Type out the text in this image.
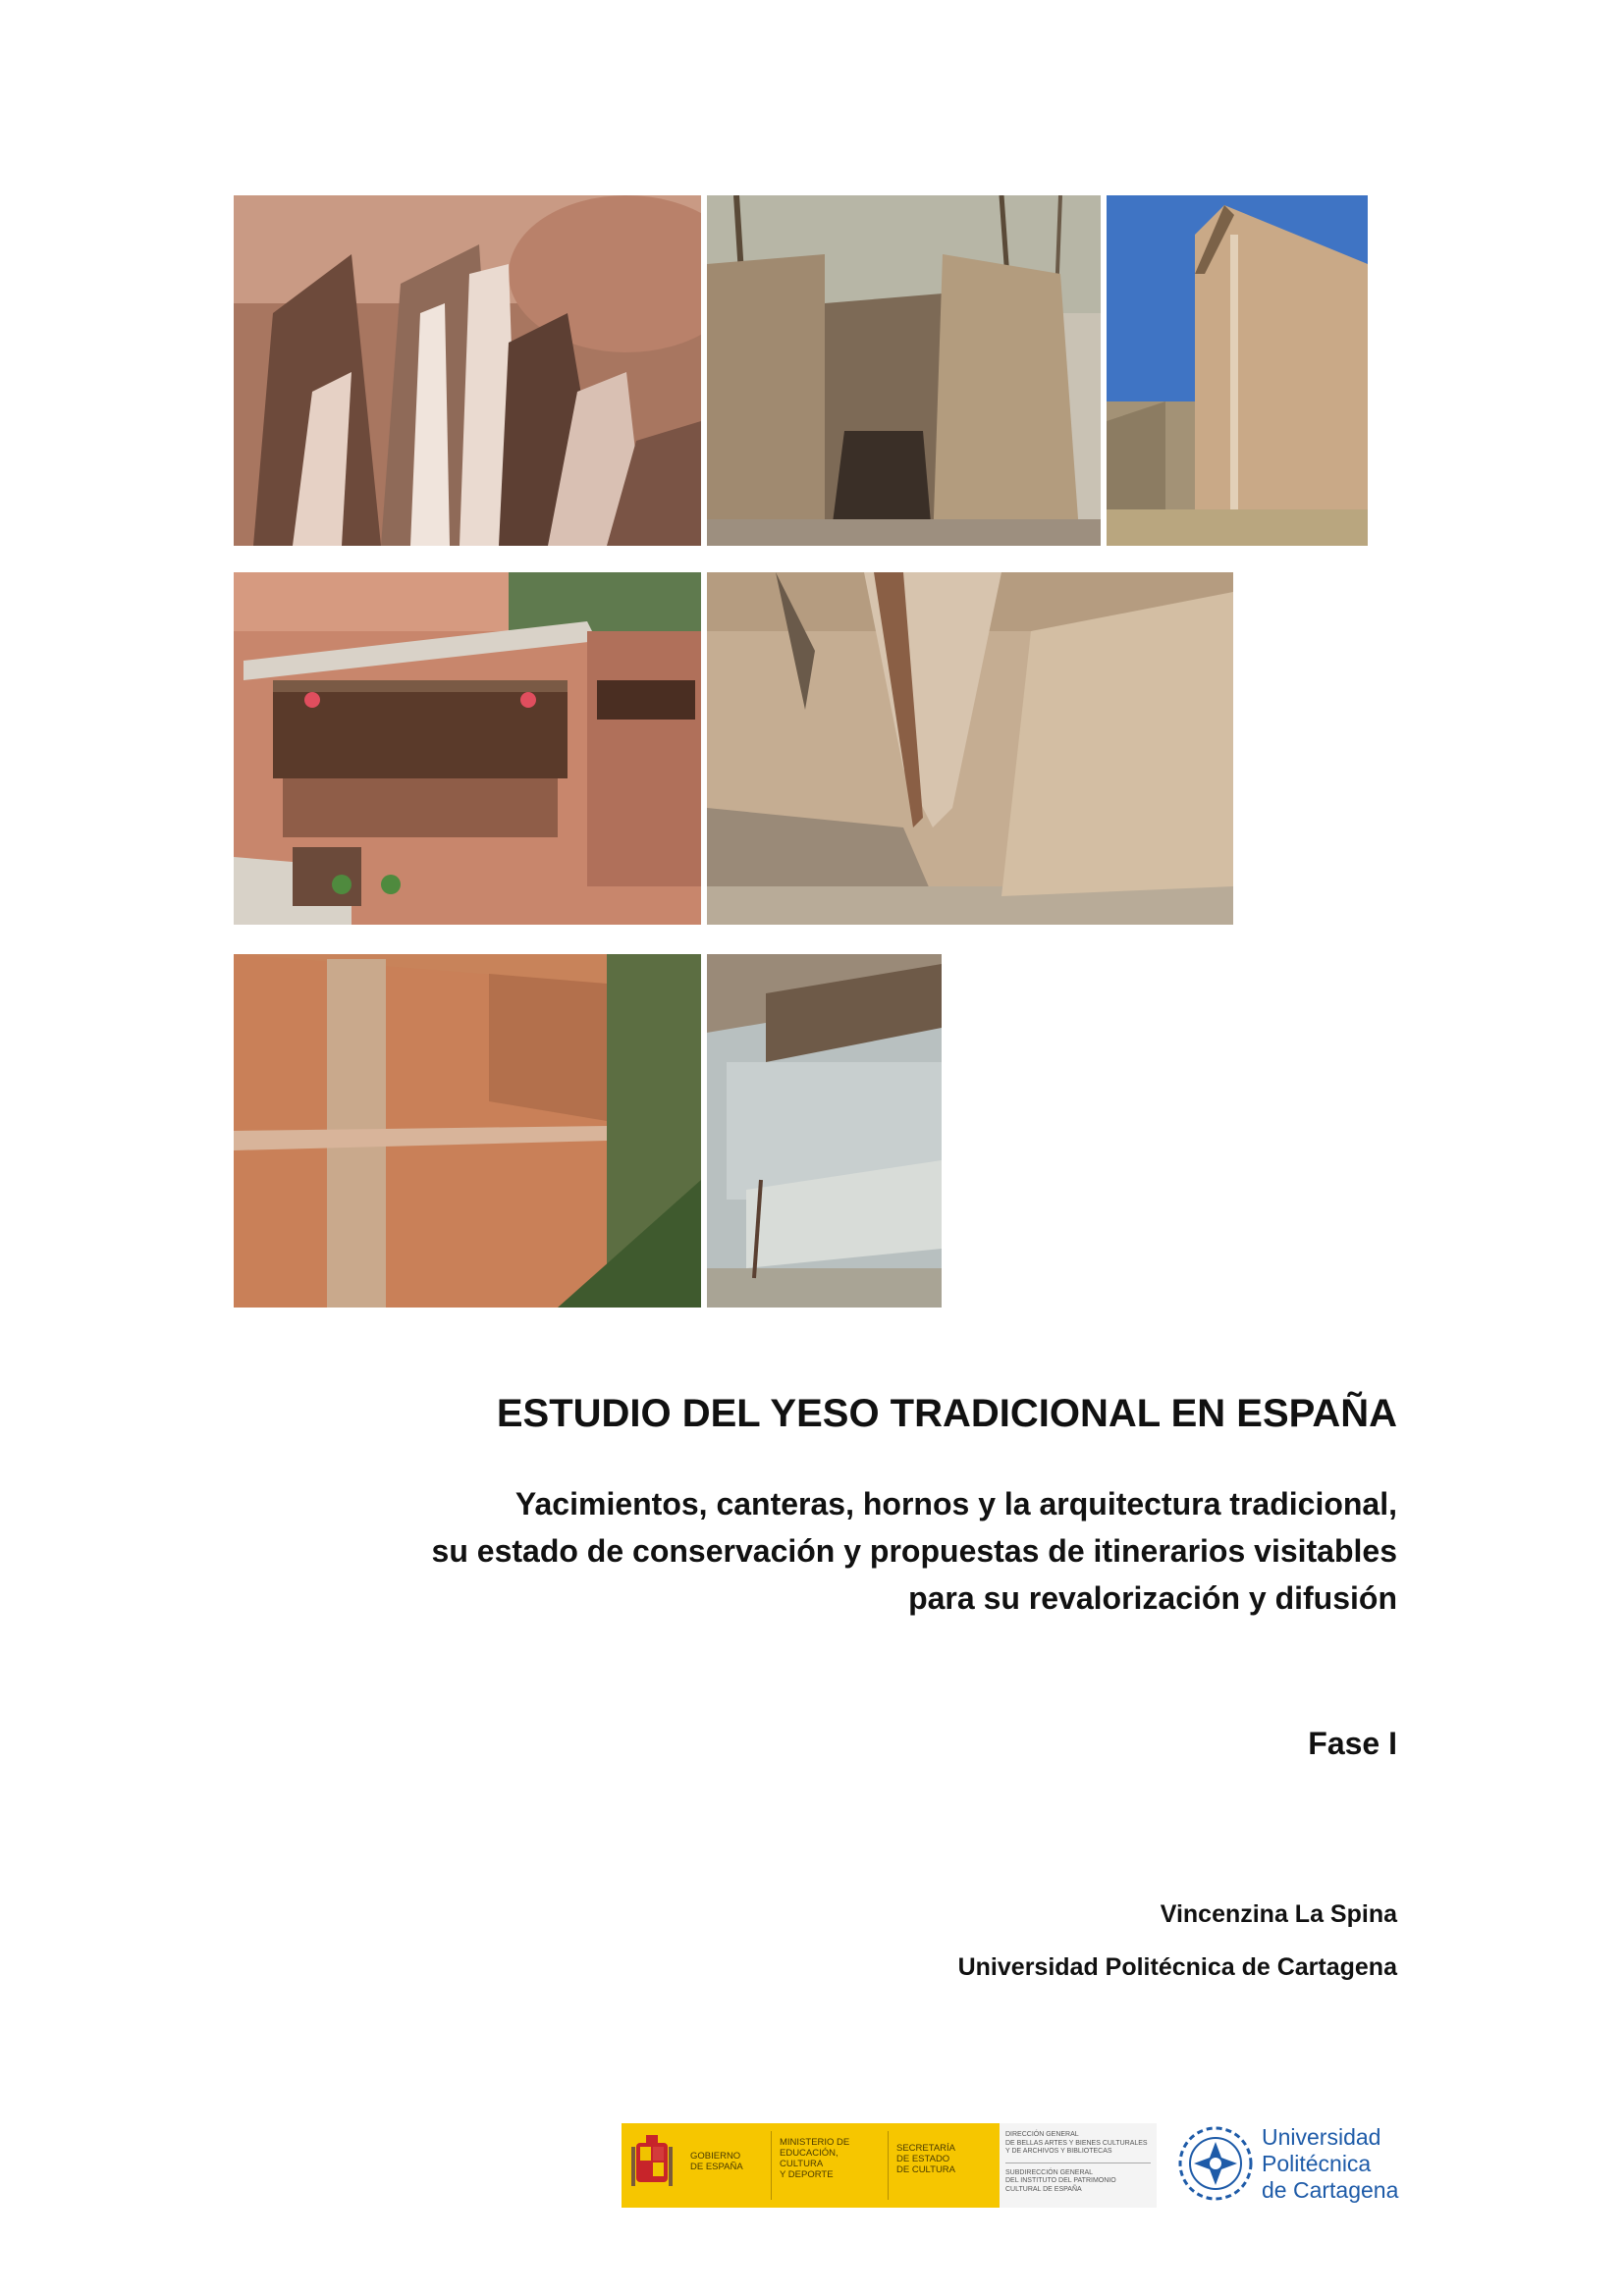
ESTUDIO DEL YESO TRADICIONAL EN ESPAÑA
Yacimientos, canteras, hornos y la arquitectura tradicional,
su estado de conservación y propuestas de itinerarios visitables
para su revalorización y difusión
Fase I
Vincenzina La Spina
Universidad Politécnica de Cartagena
GOBIERNO
DE ESPAÑA
MINISTERIO DE
EDUCACIÓN,
CULTURA
Y DEPORTE
SECRETARÍA
DE ESTADO
DE CULTURA
DIRECCIÓN GENERAL
DE BELLAS ARTES Y BIENES CULTURALES
Y DE ARCHIVOS Y BIBLIOTECAS
SUBDIRECCIÓN GENERAL
DEL INSTITUTO DEL PATRIMONIO
CULTURAL DE ESPAÑA
Universidad
Politécnica
de Cartagena
